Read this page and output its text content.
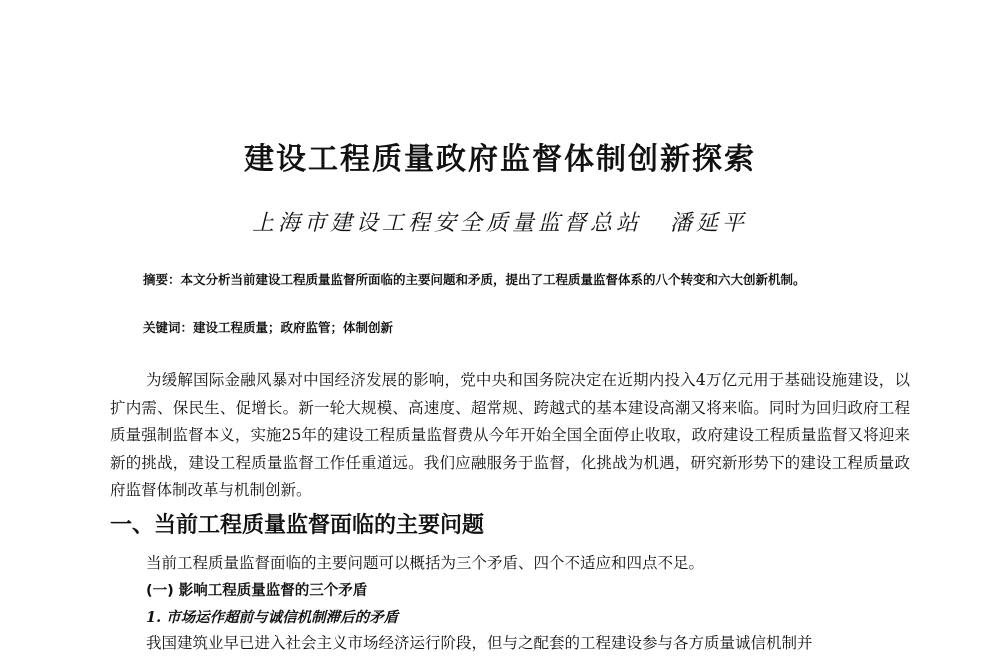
建设工程质量政府监督体制创新探索
上海市建设工程安全质量监督总站 潘延平
摘要：本文分析当前建设工程质量监督所面临的主要问题和矛质，提出了工程质量监督体系的八个转变和六大创新机制。
关键词：建设工程质量；政府监管；体制创新

为缓解国际金融风暴对中国经济发展的影响，党中央和国务院决定在近期内投入4万亿元用于基础设施建设，以扩内需、保民生、促增长。新一轮大规模、高速度、超常规、跨越式的基本建设高潮又将来临。同时为回归政府工程质量强制监督本义，实施25年的建设工程质量监督费从今年开始全国全面停止收取，政府建设工程质量监督又将迎来新的挑战，建设工程质量监督工作任重道远。我们应融服务于监督，化挑战为机遇，研究新形势下的建设工程质量政府监督体制改革与机制创新。

一、当前工程质量监督面临的主要问题

当前工程质量监督面临的主要问题可以概括为三个矛盾、四个不适应和四点不足。

(一) 影响工程质量监督的三个矛盾
1. 市场运作超前与诚信机制滞后的矛盾

我国建筑业早已进入社会主义市场经济运行阶段，但与之配套的工程建设参与各方质量诚信机制并
